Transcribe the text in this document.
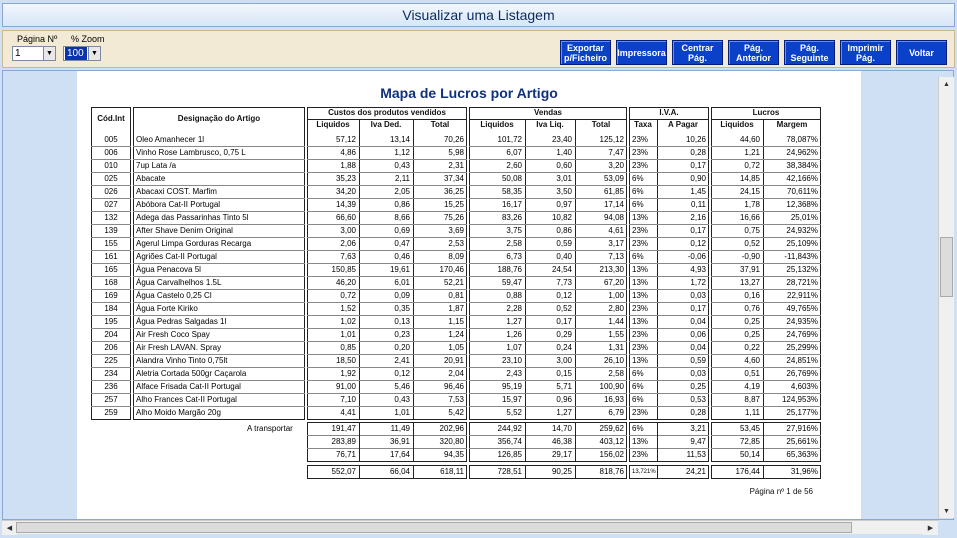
Visualizar uma Listagem
Página Nº
1	▼
% Zoom
100	▼
Exportar
p/Ficheiro Impressora Centrar
Pág.
Pág.
Anterior
Pág.
Seguinte
Imprimir
Pág.	Voltar
Mapa de Lucros por Artigo
Cód.Int	Designação do Artigo
Custos dos produtos vendidos	Vendas	I.V.A.	Lucros
Liquidos	Iva Ded.	Total	Liquidos	Iva Liq.	Total	Taxa	A Pagar	Liquidos	Margem
005	Oleo Amanhecer 1l	57,12	13,14	70,26	101,72	23,40	125,12 23%	10,26	44,60	78,087%
006	Vinho Rose Lambrusco, 0,75 L	4,86	1,12	5,98	6,07	1,40	7,47 23%	0,28	1,21	24,962%
010	7up Lata /a	1,88	0,43	2,31	2,60	0,60	3,20 23%	0,17	0,72	38,384%
025	Abacate	35,23	2,11	37,34	50,08	3,01	53,09 6%	0,90	14,85	42,166%
026	Abacaxi COST. Marfim	34,20	2,05	36,25	58,35	3,50	61,85 6%	1,45	24,15	70,611%
027	Abóbora Cat-II Portugal	14,39	0,86	15,25	16,17	0,97	17,14 6%	0,11	1,78	12,368%
132	Adega das Passarinhas Tinto 5l	66,60	8,66	75,26	83,26	10,82	94,08 13%	2,16	16,66	25,01%
139	After Shave Denim Original	3,00	0,69	3,69	3,75	0,86	4,61 23%	0,17	0,75	24,932%
155	Agerul Limpa Gorduras Recarga	2,06	0,47	2,53	2,58	0,59	3,17 23%	0,12	0,52	25,109%
161	Agriões Cat-II Portugal	7,63	0,46	8,09	6,73	0,40	7,13 6%	-0,06	-0,90	-11,843%
165	Água Penacova 5l	150,85	19,61	170,46	188,76	24,54	213,30 13%	4,93	37,91	25,132%
168	Água Carvalhelhos 1.5L	46,20	6,01	52,21	59,47	7,73	67,20 13%	1,72	13,27	28,721%
169	Água Castelo 0,25 Cl	0,72	0,09	0,81	0,88	0,12	1,00 13%	0,03	0,16	22,911%
184	Água Forte Kiriko	1,52	0,35	1,87	2,28	0,52	2,80 23%	0,17	0,76	49,765%
195	Água Pedras Salgadas 1l	1,02	0,13	1,15	1,27	0,17	1,44 13%	0,04	0,25	24,935%
204	Air Fresh Coco Spay	1,01	0,23	1,24	1,26	0,29	1,55 23%	0,06	0,25	24,769%
206	Air Fresh LAVAN. Spray	0,85	0,20	1,05	1,07	0,24	1,31 23%	0,04	0,22	25,299%
225	Alandra Vinho Tinto 0,75lt	18,50	2,41	20,91	23,10	3,00	26,10 13%	0,59	4,60	24,851%
234	Aletria Cortada 500gr Caçarola	1,92	0,12	2,04	2,43	0,15	2,58 6%	0,03	0,51	26,769%
236	Alface Frisada Cat-II Portugal	91,00	5,46	96,46	95,19	5,71	100,90 6%	0,25	4,19	4,603%
257	Alho Frances Cat-II Portugal	7,10	0,43	7,53	15,97	0,96	16,93 6%	0,53	8,87	124,953%
259	Alho Moido Margão 20g	4,41	1,01	5,42	5,52	1,27	6,79 23%	0,28	1,11	25,177%
A transportar	191,47	11,49	202,96	244,92	14,70	259,62 6%	3,21	53,45	27,916%
283,89	36,91	320,80	356,74	46,38	403,12 13%	9,47	72,85	25,661%
76,71	17,64	94,35	126,85	29,17	156,02 23%	11,53	50,14	65,363%
552,07	66,04	618,11	728,51	90,25	818,76 13,721%	24,21	176,44	31,96%
Página nº 1 de 56
▲
▼
◀	▶
